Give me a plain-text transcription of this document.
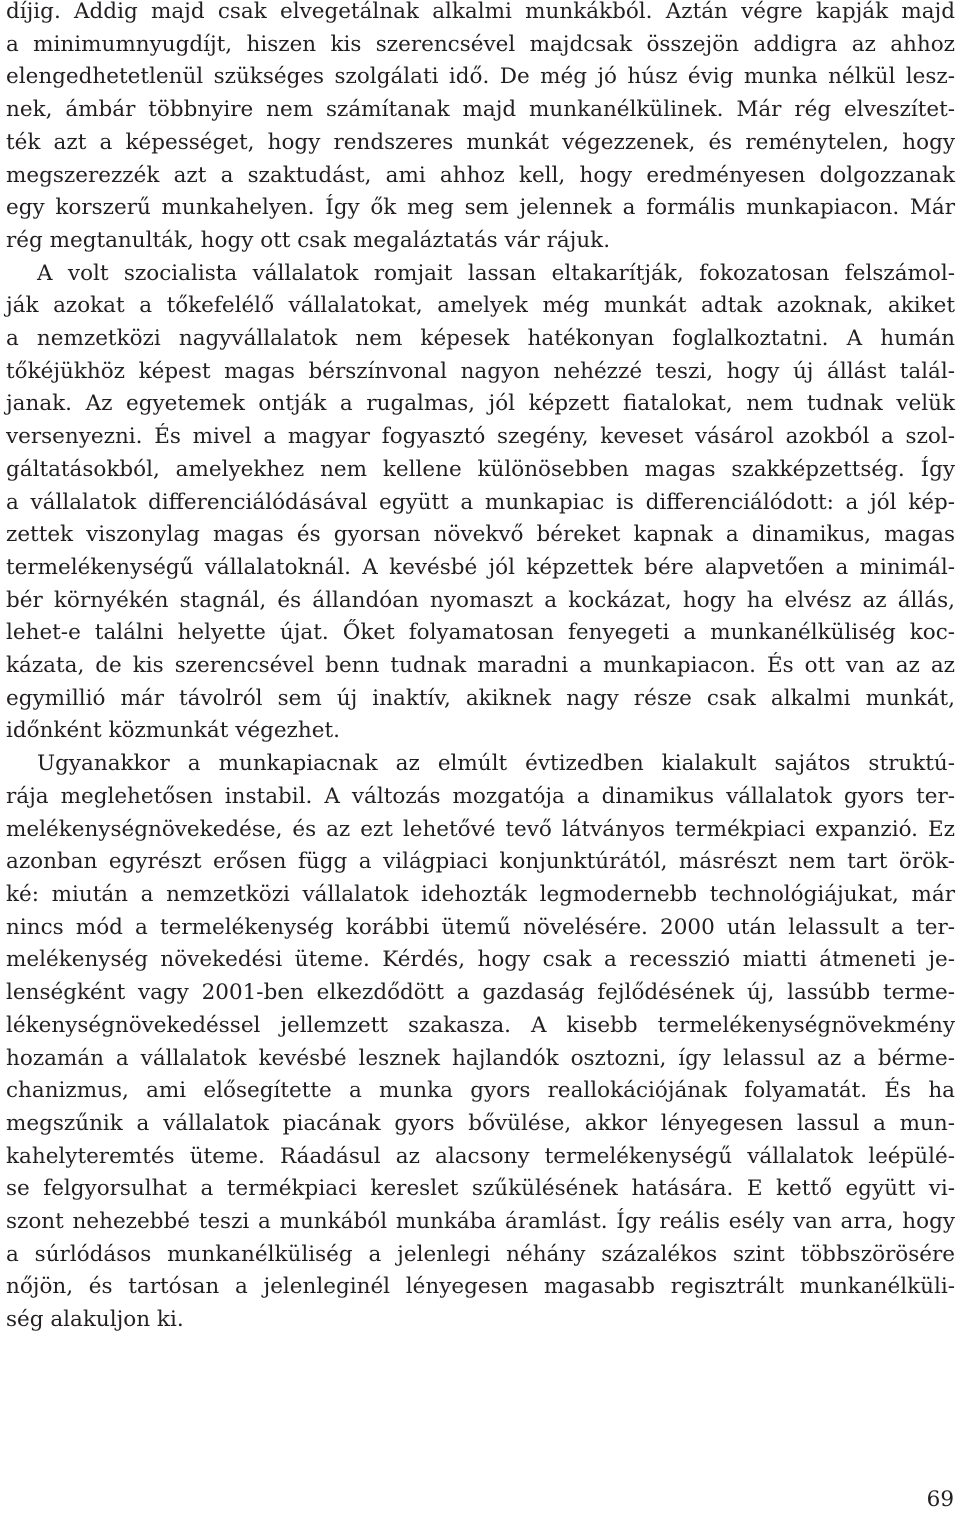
díjig. Addig majd csak elvegetálnak alkalmi munkákból. Aztán végre kapják majd
a minimumnyugdíjt, hiszen kis szerencsével majdcsak összejön addigra az ahhoz
elengedhetetlenül szükséges szolgálati idő. De még jó húsz évig munka nélkül lesz-
nek, ámbár többnyire nem számítanak majd munkanélkülinek. Már rég elveszítet-
ték azt a képességet, hogy rendszeres munkát végezzenek, és reménytelen, hogy
megszerezzék azt a szaktudást, ami ahhoz kell, hogy eredményesen dolgozzanak
egy korszerű munkahelyen. Így ők meg sem jelennek a formális munkapiacon. Már
rég megtanulták, hogy ott csak megaláztatás vár rájuk.
A volt szocialista vállalatok romjait lassan eltakarítják, fokozatosan felszámol-
ják azokat a tőkefelélő vállalatokat, amelyek még munkát adtak azoknak, akiket
a nemzetközi nagyvállalatok nem képesek hatékonyan foglalkoztatni. A humán
tőkéjükhöz képest magas bérszínvonal nagyon nehézzé teszi, hogy új állást talál-
janak. Az egyetemek ontják a rugalmas, jól képzett fiatalokat, nem tudnak velük
versenyezni. És mivel a magyar fogyasztó szegény, keveset vásárol azokból a szol-
gáltatásokból, amelyekhez nem kellene különösebben magas szakképzettség. Így
a vállalatok differenciálódásával együtt a munkapiac is differenciálódott: a jól kép-
zettek viszonylag magas és gyorsan növekvő béreket kapnak a dinamikus, magas
termelékenységű vállalatoknál. A kevésbé jól képzettek bére alapvetően a minimál-
bér környékén stagnál, és állandóan nyomaszt a kockázat, hogy ha elvész az állás,
lehet-e találni helyette újat. Őket folyamatosan fenyegeti a munkanélküliség koc-
kázata, de kis szerencsével benn tudnak maradni a munkapiacon. És ott van az az
egymillió már távolról sem új inaktív, akiknek nagy része csak alkalmi munkát,
időnként közmunkát végezhet.
Ugyanakkor a munkapiacnak az elmúlt évtizedben kialakult sajátos struktú-
rája meglehetősen instabil. A változás mozgatója a dinamikus vállalatok gyors ter-
melékenységnövekedése, és az ezt lehetővé tevő látványos termékpiaci expanzió. Ez
azonban egyrészt erősen függ a világpiaci konjunktúrától, másrészt nem tart örök-
ké: miután a nemzetközi vállalatok idehozták legmodernebb technológiájukat, már
nincs mód a termelékenység korábbi ütemű növelésére. 2000 után lelassult a ter-
melékenység növekedési üteme. Kérdés, hogy csak a recesszió miatti átmeneti je-
lenségként vagy 2001-ben elkezdődött a gazdaság fejlődésének új, lassúbb terme-
lékenységnövekedéssel jellemzett szakasza. A kisebb termelékenységnövekmény
hozamán a vállalatok kevésbé lesznek hajlandók osztozni, így lelassul az a bérme-
chanizmus, ami elősegítette a munka gyors reallokációjának folyamatát. És ha
megszűnik a vállalatok piacának gyors bővülése, akkor lényegesen lassul a mun-
kahelyteremtés üteme. Ráadásul az alacsony termelékenységű vállalatok leépülé-
se felgyorsulhat a termékpiaci kereslet szűkülésének hatására. E kettő együtt vi-
szont nehezebbé teszi a munkából munkába áramlást. Így reális esély van arra, hogy
a súrlódásos munkanélküliség a jelenlegi néhány százalékos szint többszörösére
nőjön, és tartósan a jelenleginél lényegesen magasabb regisztrált munkanélküli-
ség alakuljon ki.
69
